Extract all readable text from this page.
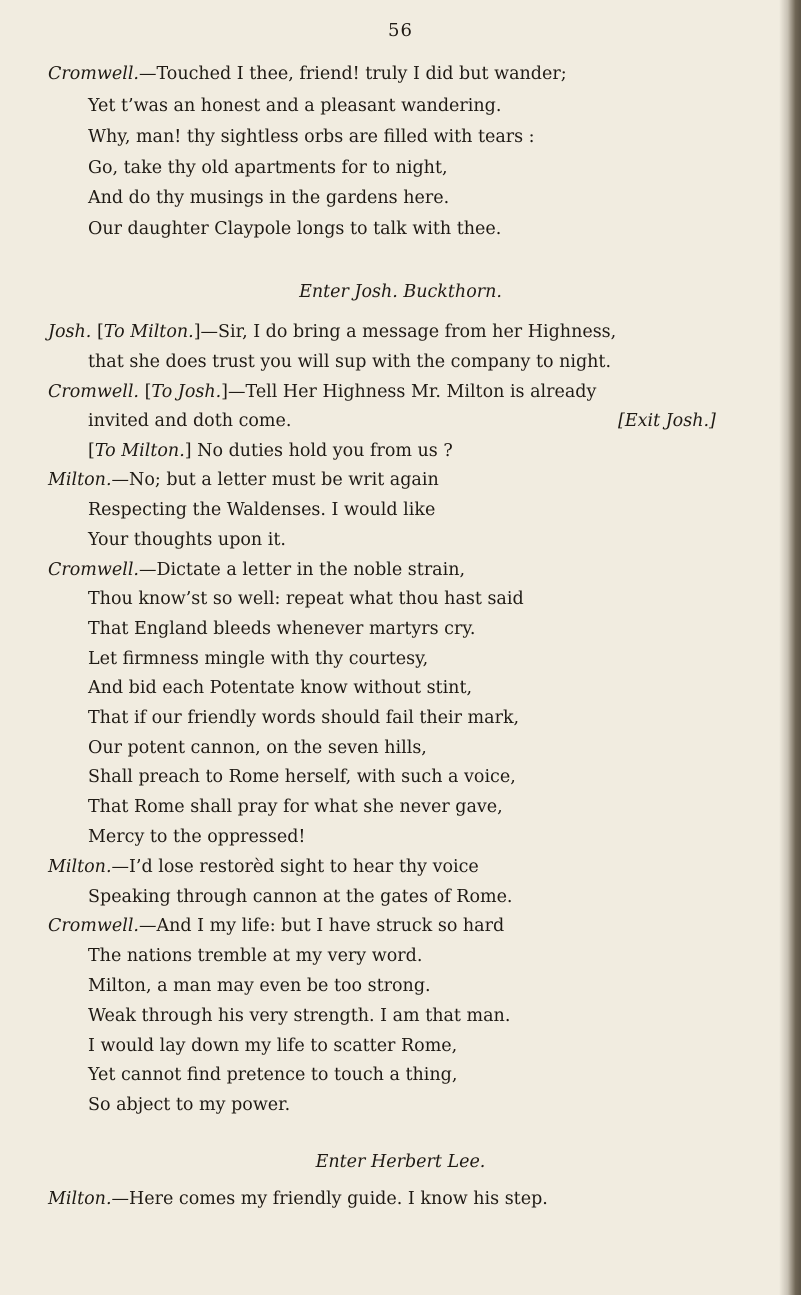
56
Cromwell.—Touched I thee, friend! truly I did but wander;
Yet t’was an honest and a pleasant wandering.
Why, man! thy sightless orbs are filled with tears :
Go, take thy old apartments for to night,
And do thy musings in the gardens here.
Our daughter Claypole longs to talk with thee.
Enter Josh. Buckthorn.
Josh. [To Milton.]—Sir, I do bring a message from her Highness,
that she does trust you will sup with the company to night.
Cromwell. [To Josh.]—Tell Her Highness Mr. Milton is already
invited and doth come.	[Exit Josh.]
[To Milton.] No duties hold you from us ?
Milton.—No; but a letter must be writ again
Respecting the Waldenses. I would like
Your thoughts upon it.
Cromwell.—Dictate a letter in the noble strain,
Thou know’st so well: repeat what thou hast said
That England bleeds whenever martyrs cry.
Let firmness mingle with thy courtesy,
And bid each Potentate know without stint,
That if our friendly words should fail their mark,
Our potent cannon, on the seven hills,
Shall preach to Rome herself, with such a voice,
That Rome shall pray for what she never gave,
Mercy to the oppressed!
Milton.—I’d lose restorèd sight to hear thy voice
Speaking through cannon at the gates of Rome.
Cromwell.—And I my life: but I have struck so hard
The nations tremble at my very word.
Milton, a man may even be too strong.
Weak through his very strength. I am that man.
I would lay down my life to scatter Rome,
Yet cannot find pretence to touch a thing,
So abject to my power.
Enter Herbert Lee.
Milton.—Here comes my friendly guide. I know his step.
